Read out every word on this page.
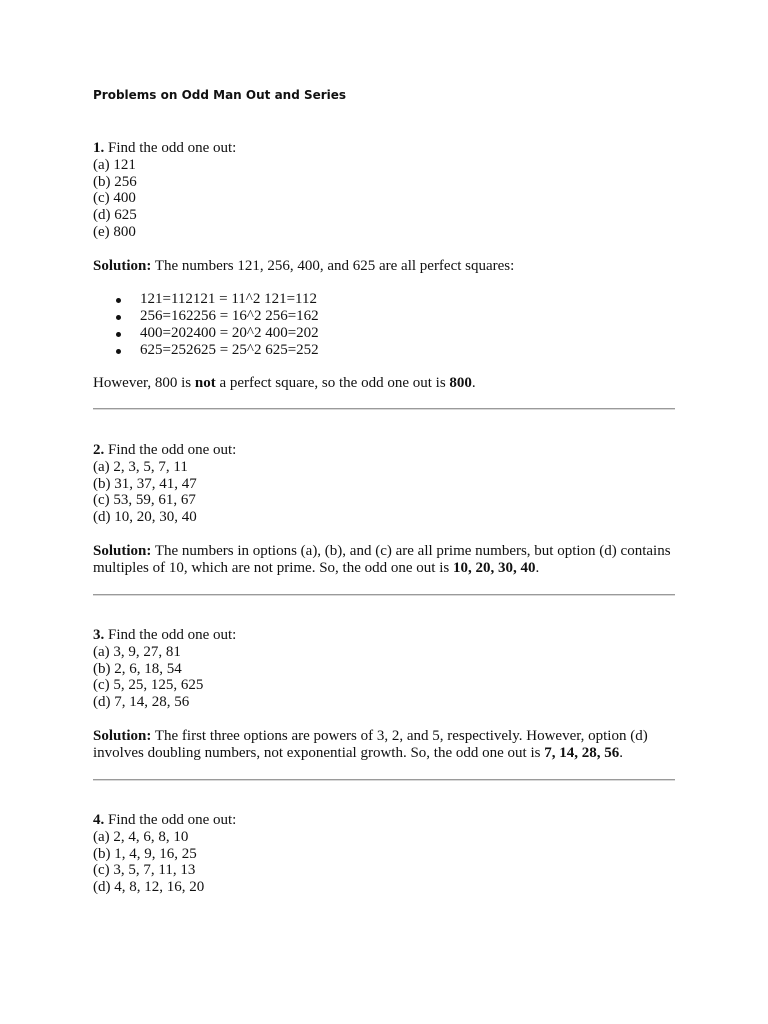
Problems on Odd Man Out and Series
1. Find the odd one out:
(a) 121
(b) 256
(c) 400
(d) 625
(e) 800
Solution: The numbers 121, 256, 400, and 625 are all perfect squares:
121=112121 = 11^2 121=112
256=162256 = 16^2 256=162
400=202400 = 20^2 400=202
625=252625 = 25^2 625=252
However, 800 is not a perfect square, so the odd one out is 800.
2. Find the odd one out:
(a) 2, 3, 5, 7, 11
(b) 31, 37, 41, 47
(c) 53, 59, 61, 67
(d) 10, 20, 30, 40
Solution: The numbers in options (a), (b), and (c) are all prime numbers, but option (d) contains multiples of 10, which are not prime. So, the odd one out is 10, 20, 30, 40.
3. Find the odd one out:
(a) 3, 9, 27, 81
(b) 2, 6, 18, 54
(c) 5, 25, 125, 625
(d) 7, 14, 28, 56
Solution: The first three options are powers of 3, 2, and 5, respectively. However, option (d) involves doubling numbers, not exponential growth. So, the odd one out is 7, 14, 28, 56.
4. Find the odd one out:
(a) 2, 4, 6, 8, 10
(b) 1, 4, 9, 16, 25
(c) 3, 5, 7, 11, 13
(d) 4, 8, 12, 16, 20
